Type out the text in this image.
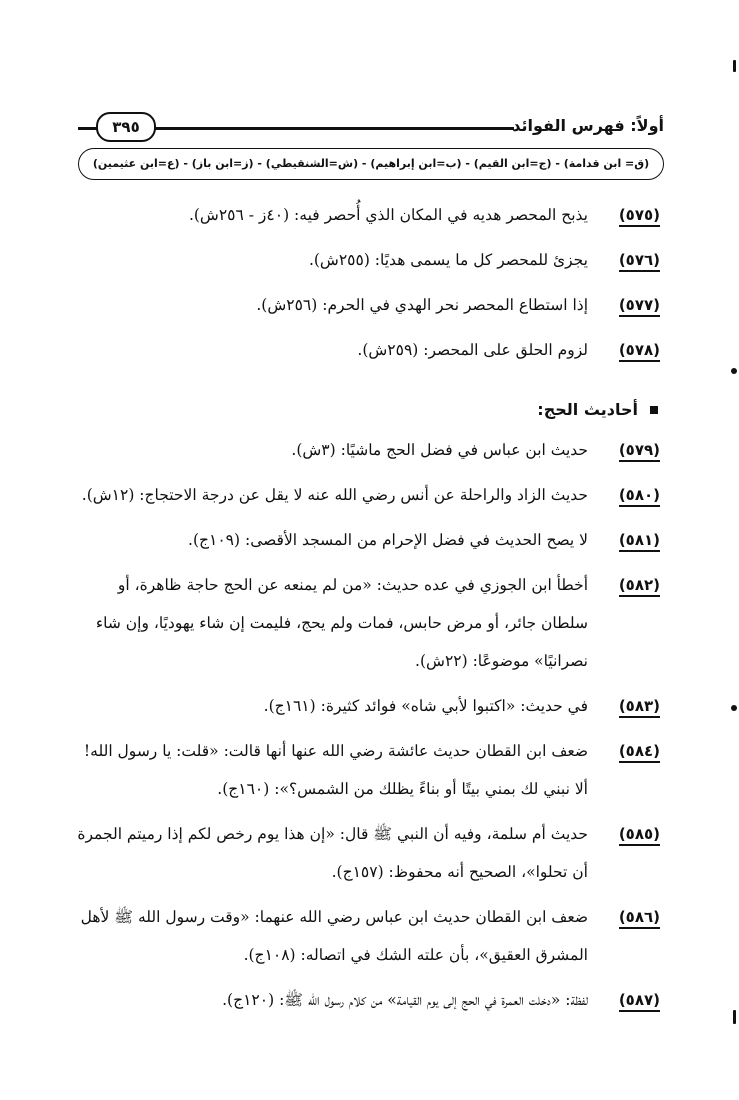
أولاً: فهرس الفوائد
٣٩٥
(ق= ابن قدامة) - (ج=ابن القيم) - (ب=ابن إبراهيم) - (ش=الشنقيطي) - (ز=ابن باز) - (ع=ابن عثيمين)
(٥٧٥)
يذبح المحصر هديه في المكان الذي أُحصر فيه: (٤٠ز - ٢٥٦ش).
(٥٧٦)
يجزئ للمحصر كل ما يسمى هديًا: (٢٥٥ش).
(٥٧٧)
إذا استطاع المحصر نحر الهدي في الحرم: (٢٥٦ش).
(٥٧٨)
لزوم الحلق على المحصر: (٢٥٩ش).
أحاديث الحج:
(٥٧٩)
حديث ابن عباس في فضل الحج ماشيًا: (٣ش).
(٥٨٠)
حديث الزاد والراحلة عن أنس رضي الله عنه لا يقل عن درجة الاحتجاج: (١٢ش).
(٥٨١)
لا يصح الحديث في فضل الإحرام من المسجد الأقصى: (١٠٩ج).
(٥٨٢)
أخطأ ابن الجوزي في عده حديث: «من لم يمنعه عن الحج حاجة ظاهرة، أو سلطان جائر، أو مرض حابس، فمات ولم يحج، فليمت إن شاء يهوديًا، وإن شاء نصرانيًا» موضوعًا: (٢٢ش).
(٥٨٣)
في حديث: «اكتبوا لأبي شاه» فوائد كثيرة: (١٦١ج).
(٥٨٤)
ضعف ابن القطان حديث عائشة رضي الله عنها أنها قالت: «قلت: يا رسول الله! ألا نبني لك بمني بيتًا أو بناءً يظلك من الشمس؟»: (١٦٠ج).
(٥٨٥)
حديث أم سلمة، وفيه أن النبي ﷺ قال: «إن هذا يوم رخص لكم إذا رميتم الجمرة أن تحلوا»، الصحيح أنه محفوظ: (١٥٧ج).
(٥٨٦)
ضعف ابن القطان حديث ابن عباس رضي الله عنهما: «وقت رسول الله ﷺ لأهل المشرق العقيق»، بأن علته الشك في اتصاله: (١٠٨ج).
(٥٨٧)
لفظة: «دخلت العمرة في الحج إلى يوم القيامة» من كلام رسول الله ﷺ: (١٢٠ج).
